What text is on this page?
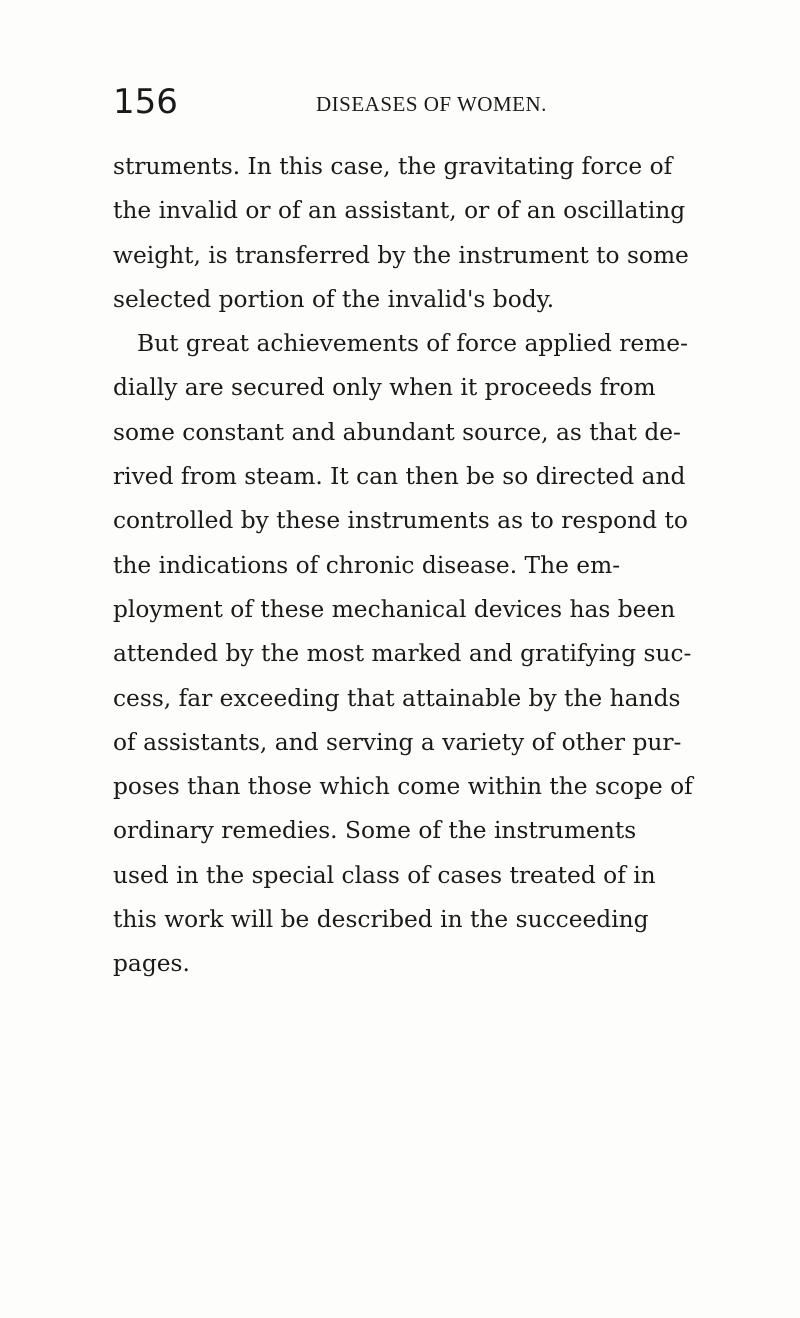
156	DISEASES OF WOMEN.
struments. In this case, the gravitating force of
the invalid or of an assistant, or of an oscillating
weight, is transferred by the instrument to some
selected portion of the invalid's body.
But great achievements of force applied reme-
dially are secured only when it proceeds from
some constant and abundant source, as that de-
rived from steam. It can then be so directed and
controlled by these instruments as to respond to
the indications of chronic disease. The em-
ployment of these mechanical devices has been
attended by the most marked and gratifying suc-
cess, far exceeding that attainable by the hands
of assistants, and serving a variety of other pur-
poses than those which come within the scope of
ordinary remedies. Some of the instruments
used in the special class of cases treated of in
this work will be described in the succeeding
pages.
